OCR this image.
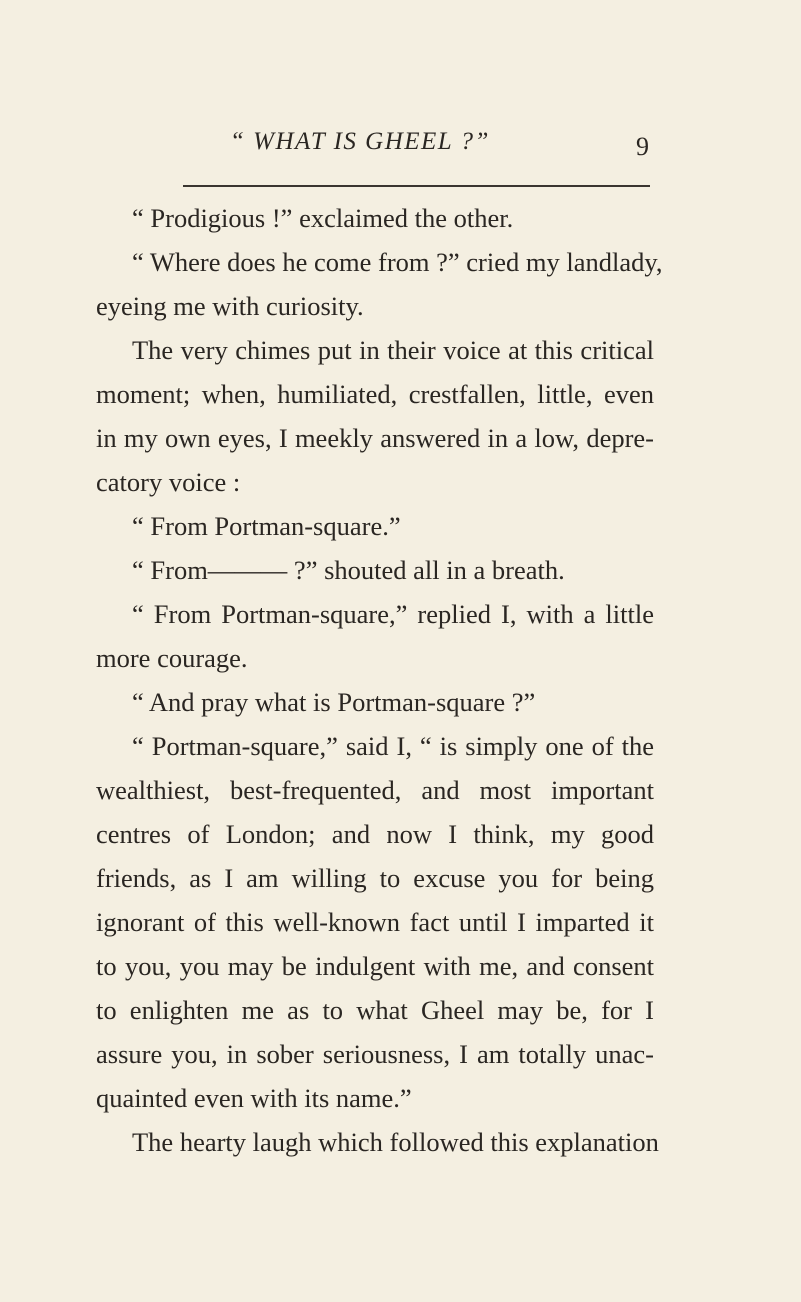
“ WHAT IS GHEEL ?”	9
“ Prodigious !” exclaimed the other.
“ Where does he come from ?” cried my landlady,
eyeing me with curiosity.
The very chimes put in their voice at this critical
moment; when, humiliated, crestfallen, little, even
in my own eyes, I meekly answered in a low, depre-
catory voice :
“ From Portman-square.”
“ From——— ?” shouted all in a breath.
“ From Portman-square,” replied I, with a little
more courage.
“ And pray what is Portman-square ?”
“ Portman-square,” said I, “ is simply one of the
wealthiest, best-frequented, and most important
centres of London; and now I think, my good
friends, as I am willing to excuse you for being
ignorant of this well-known fact until I imparted it
to you, you may be indulgent with me, and consent
to enlighten me as to what Gheel may be, for I
assure you, in sober seriousness, I am totally unac-
quainted even with its name.”
The hearty laugh which followed this explanation
